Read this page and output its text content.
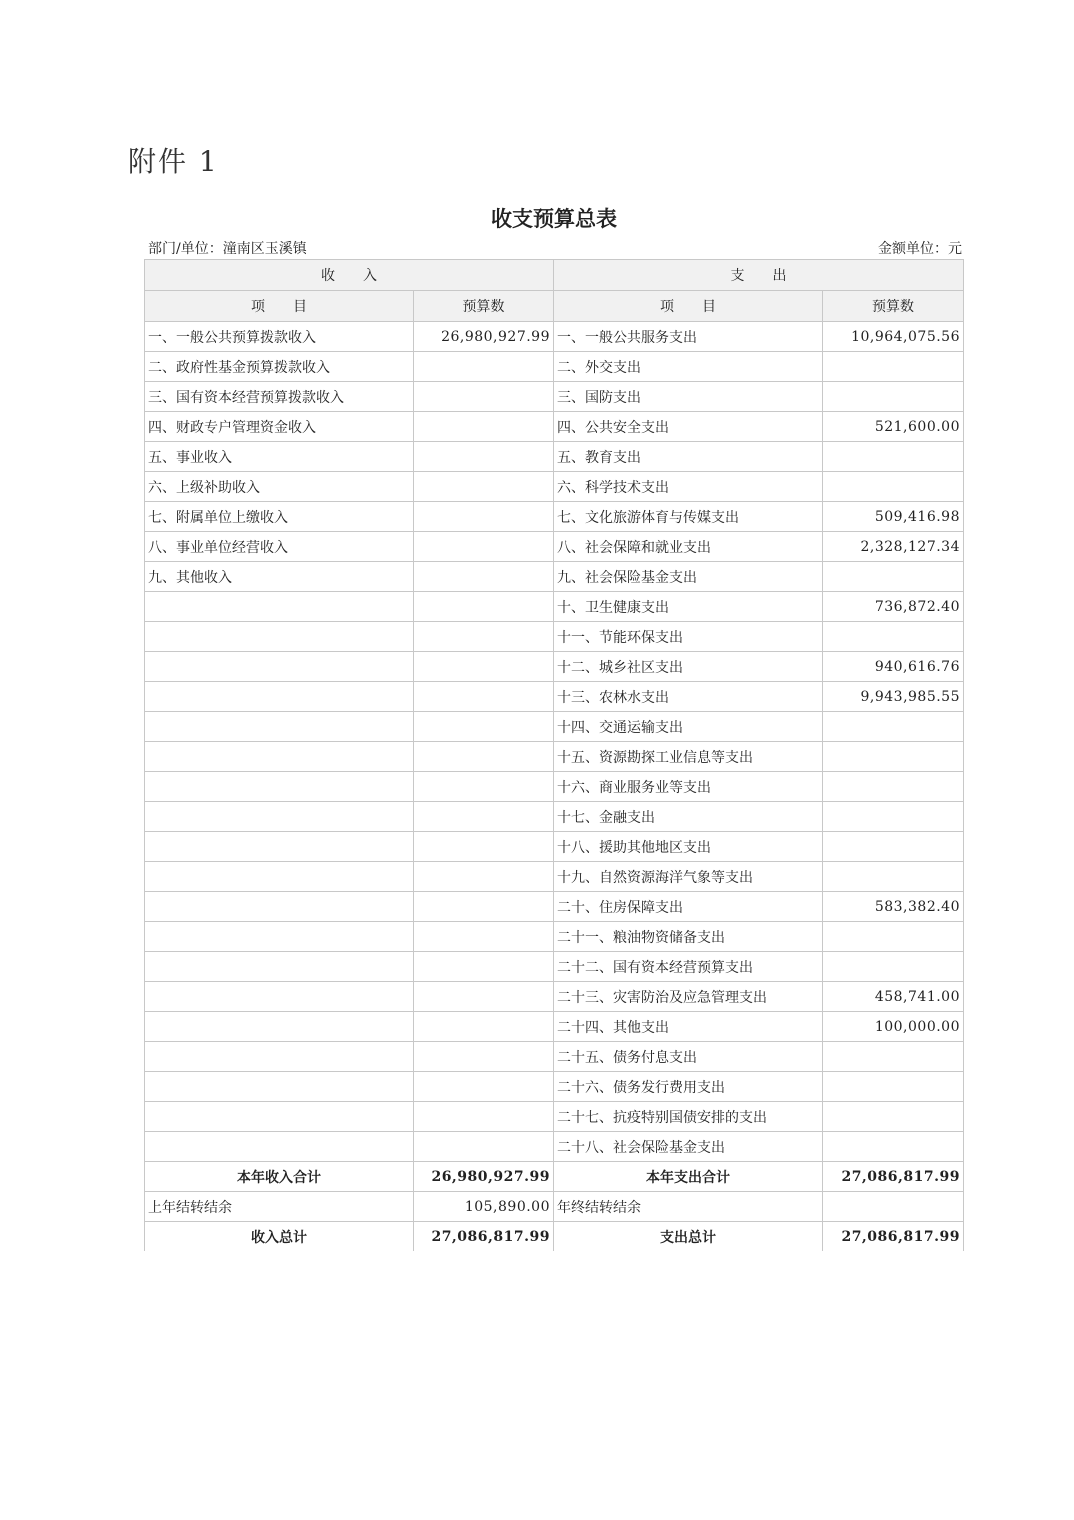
附件 1
收支预算总表
部门/单位：潼南区玉溪镇	金额单位：元
收　　入		支　　出	
项　　目	预算数	项　　目	预算数
一、一般公共预算拨款收入	26,980,927.99	一、一般公共服务支出	10,964,075.56
二、政府性基金预算拨款收入		二、外交支出	
三、国有资本经营预算拨款收入		三、国防支出	
四、财政专户管理资金收入		四、公共安全支出	521,600.00
五、事业收入		五、教育支出	
六、上级补助收入		六、科学技术支出	
七、附属单位上缴收入		七、文化旅游体育与传媒支出	509,416.98
八、事业单位经营收入		八、社会保障和就业支出	2,328,127.34
九、其他收入		九、社会保险基金支出	
		十、卫生健康支出	736,872.40
		十一、节能环保支出	
		十二、城乡社区支出	940,616.76
		十三、农林水支出	9,943,985.55
		十四、交通运输支出	
		十五、资源勘探工业信息等支出	
		十六、商业服务业等支出	
		十七、金融支出	
		十八、援助其他地区支出	
		十九、自然资源海洋气象等支出	
		二十、住房保障支出	583,382.40
		二十一、粮油物资储备支出	
		二十二、国有资本经营预算支出	
		二十三、灾害防治及应急管理支出	458,741.00
		二十四、其他支出	100,000.00
		二十五、债务付息支出	
		二十六、债务发行费用支出	
		二十七、抗疫特别国债安排的支出	
		二十八、社会保险基金支出	
本年收入合计	26,980,927.99	本年支出合计	27,086,817.99
上年结转结余	105,890.00	年终结转结余	
收入总计	27,086,817.99	支出总计	27,086,817.99
